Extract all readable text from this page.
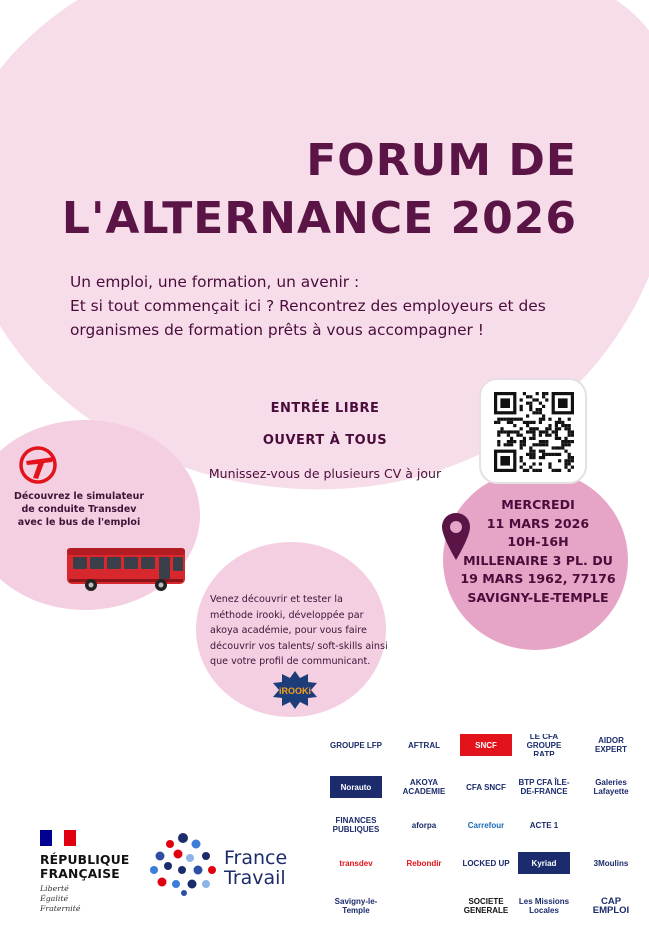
FORUM DE
L'ALTERNANCE 2026
Un emploi, une formation, un avenir :
Et si tout commençait ici ? Rencontrez des employeurs et des
organismes de formation prêts à vous accompagner !
ENTRÉE LIBRE
OUVERT À TOUS
Munissez-vous de plusieurs CV à jour
MERCREDI
11 MARS 2026
10H-16H
MILLENAIRE 3 PL. DU
19 MARS 1962, 77176
SAVIGNY-LE-TEMPLE
Découvrez le simulateur
de conduite Transdev
avec le bus de l'emploi
Venez découvrir et tester la
méthode irooki, développée par
akoya académie, pour vous faire
découvrir vos talents/ soft-skills ainsi
que votre profil de communicant.
iROOKi
RÉPUBLIQUE
FRANÇAISE
Liberté
Égalité
Fraternité
France
Travail
GROUPE LFP	AFTRAL	SNCF
LE CFA GROUPE RATP
AIDOR EXPERT
Norauto	AKOYA ACADEMIE	CFA SNCF	BTP CFA ÎLE-DE-FRANCE
Galeries Lafayette
FINANCES PUBLIQUES	aforpa	Carrefour	ACTE 1
transdev	Rebondir	LOCKED UP	Kyriad	3Moulins
Savigny-le-Temple
SOCIETE GENERALE
Les Missions Locales
CAP EMPLOI
